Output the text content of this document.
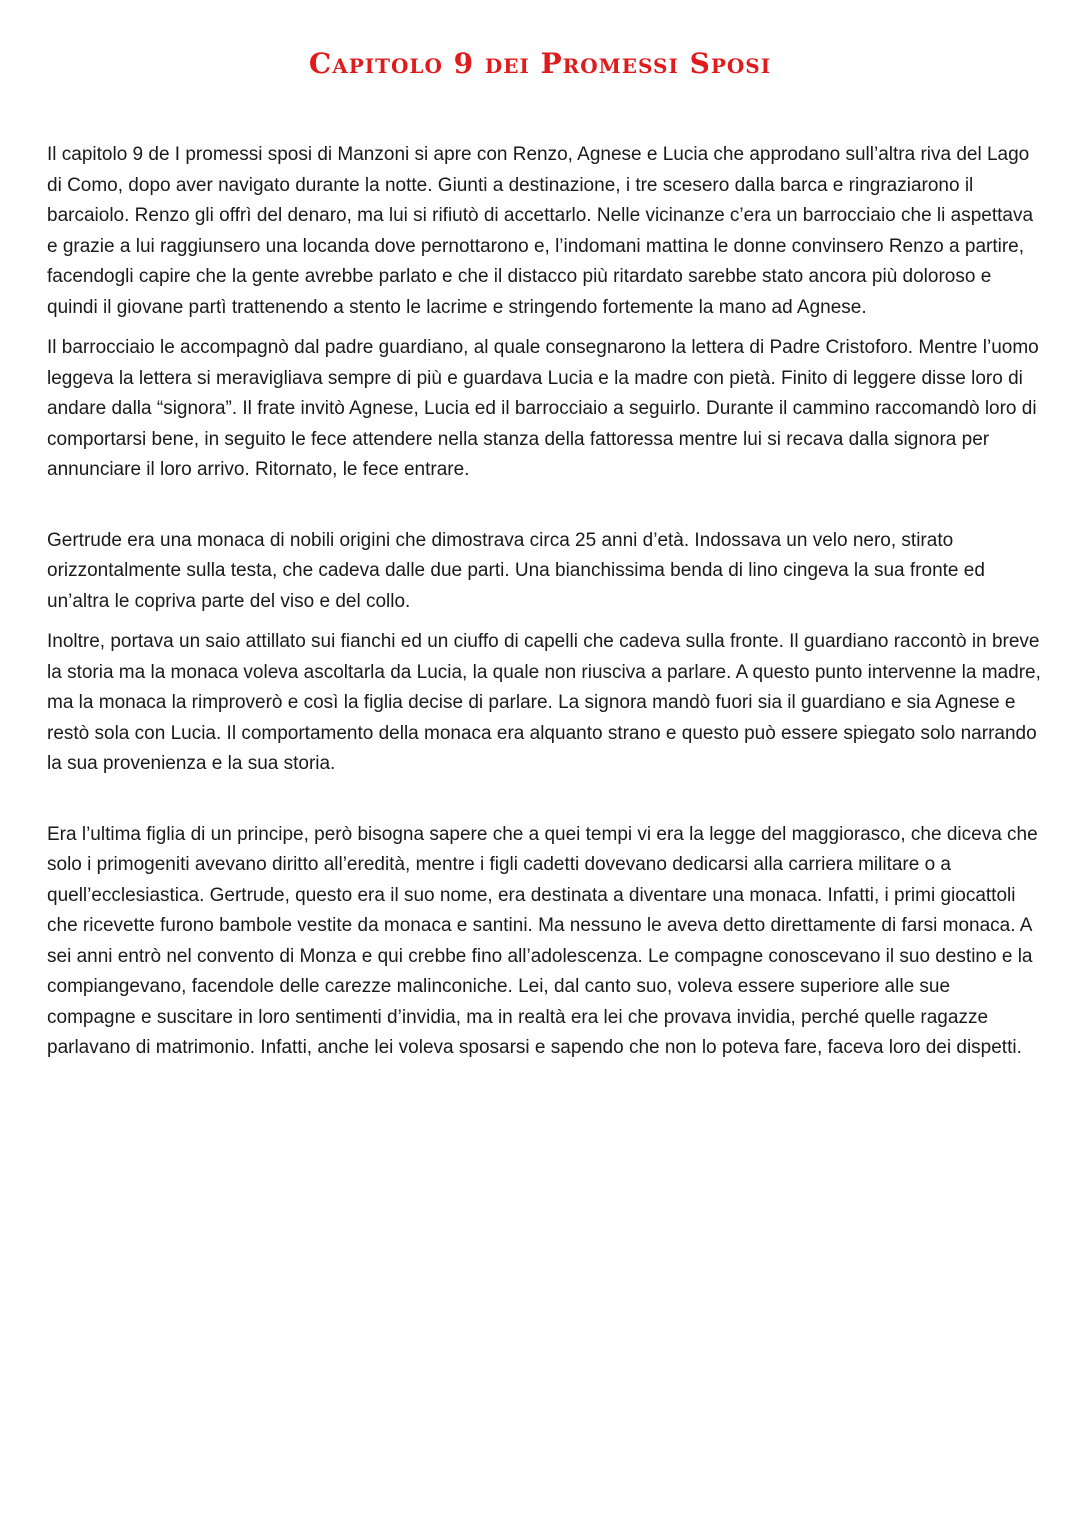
Capitolo 9 dei Promessi Sposi

Il capitolo 9 de I promessi sposi di Manzoni si apre con Renzo, Agnese e Lucia che approdano sull’altra riva del Lago di Como, dopo aver navigato durante la notte. Giunti a destinazione, i tre scesero dalla barca e ringraziarono il barcaiolo. Renzo gli offrì del denaro, ma lui si rifiutò di accettarlo. Nelle vicinanze c’era un barrocciaio che li aspettava e grazie a lui raggiunsero una locanda dove pernottarono e, l’indomani mattina le donne convinsero Renzo a partire, facendogli capire che la gente avrebbe parlato e che il distacco più ritardato sarebbe stato ancora più doloroso e quindi il giovane partì trattenendo a stento le lacrime e stringendo fortemente la mano ad Agnese.

Il barrocciaio le accompagnò dal padre guardiano, al quale consegnarono la lettera di Padre Cristoforo. Mentre l’uomo leggeva la lettera si meravigliava sempre di più e guardava Lucia e la madre con pietà. Finito di leggere disse loro di andare dalla “signora”. Il frate invitò Agnese, Lucia ed il barrocciaio a seguirlo. Durante il cammino raccomandò loro di comportarsi bene, in seguito le fece attendere nella stanza della fattoressa mentre lui si recava dalla signora per annunciare il loro arrivo. Ritornato, le fece entrare.

Gertrude era una monaca di nobili origini che dimostrava circa 25 anni d’età. Indossava un velo nero, stirato orizzontalmente sulla testa, che cadeva dalle due parti. Una bianchissima benda di lino cingeva la sua fronte ed un’altra le copriva parte del viso e del collo.

Inoltre, portava un saio attillato sui fianchi ed un ciuffo di capelli che cadeva sulla fronte. Il guardiano raccontò in breve la storia ma la monaca voleva ascoltarla da Lucia, la quale non riusciva a parlare. A questo punto intervenne la madre, ma la monaca la rimproverò e così la figlia decise di parlare. La signora mandò fuori sia il guardiano e sia Agnese e restò sola con Lucia. Il comportamento della monaca era alquanto strano e questo può essere spiegato solo narrando la sua provenienza e la sua storia.

Era l’ultima figlia di un principe, però bisogna sapere che a quei tempi vi era la legge del maggiorasco, che diceva che solo i primogeniti avevano diritto all’eredità, mentre i figli cadetti dovevano dedicarsi alla carriera militare o a quell’ecclesiastica. Gertrude, questo era il suo nome, era destinata a diventare una monaca. Infatti, i primi giocattoli che ricevette furono bambole vestite da monaca e santini. Ma nessuno le aveva detto direttamente di farsi monaca. A sei anni entrò nel convento di Monza e qui crebbe fino all’adolescenza. Le compagne conoscevano il suo destino e la compiangevano, facendole delle carezze malinconiche. Lei, dal canto suo, voleva essere superiore alle sue compagne e suscitare in loro sentimenti d’invidia, ma in realtà era lei che provava invidia, perché quelle ragazze parlavano di matrimonio. Infatti, anche lei voleva sposarsi e sapendo che non lo poteva fare, faceva loro dei dispetti.
